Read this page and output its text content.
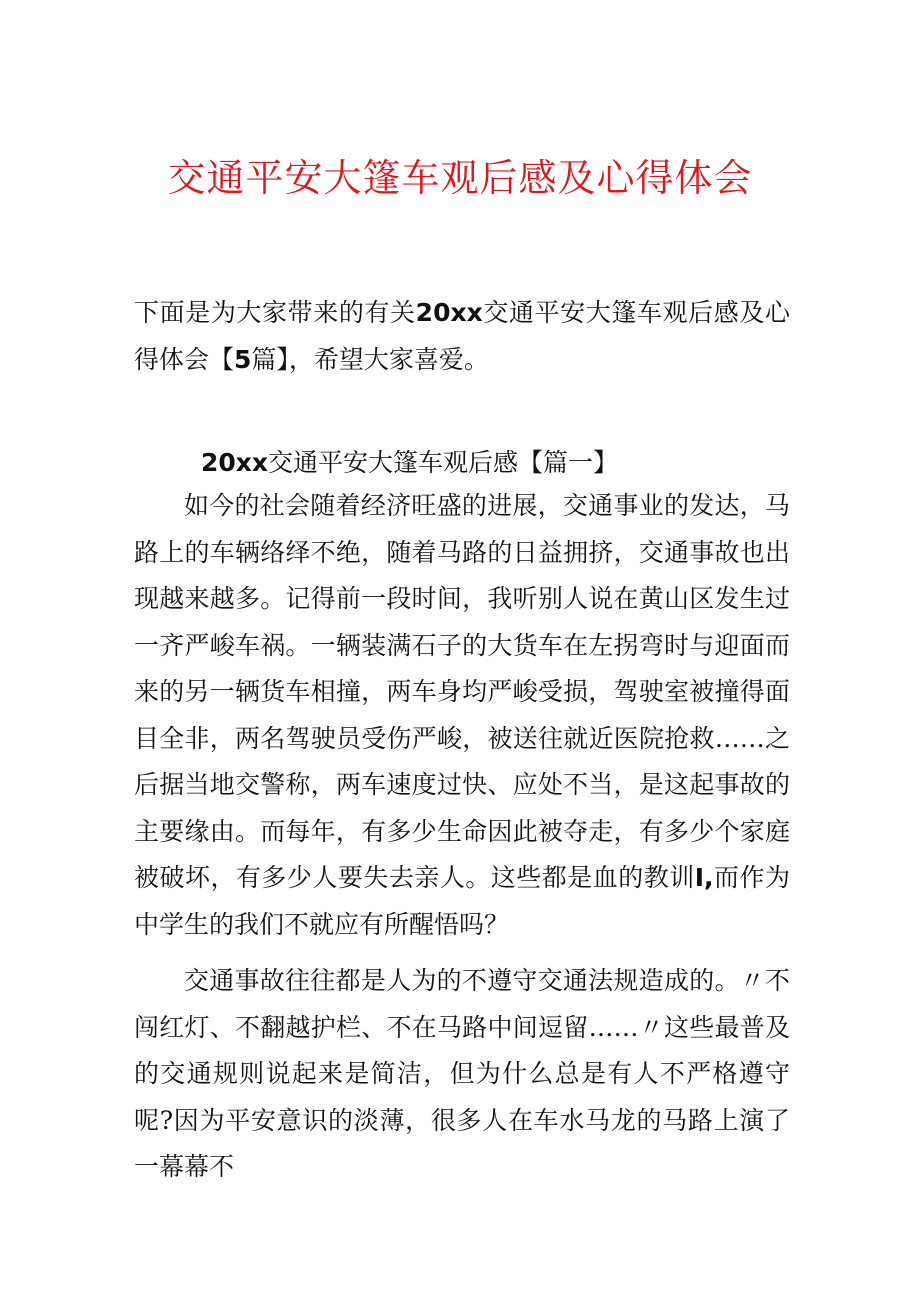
交通平安大篷车观后感及心得体会
下面是为大家带来的有关20xx交通平安大篷车观后感及心得体会【5篇】，希望大家喜爱。
20xx交通平安大篷车观后感【篇一】

如今的社会随着经济旺盛的进展，交通事业的发达，马路上的车辆络绎不绝，随着马路的日益拥挤，交通事故也出现越来越多。记得前一段时间，我听别人说在黄山区发生过一齐严峻车祸。一辆装满石子的大货车在左拐弯时与迎面而来的另一辆货车相撞，两车身均严峻受损，驾驶室被撞得面目全非，两名驾驶员受伤严峻，被送往就近医院抢救……之后据当地交警称，两车速度过快、应处不当，是这起事故的主要缘由。而每年，有多少生命因此被夺走，有多少个家庭被破坏，有多少人要失去亲人。这些都是血的教训I,而作为中学生的我们不就应有所醒悟吗？

交通事故往往都是人为的不遵守交通法规造成的。〃不闯红灯、不翻越护栏、不在马路中间逗留……〃这些最普及的交通规则说起来是简洁，但为什么总是有人不严格遵守呢?因为平安意识的淡薄，很多人在车水马龙的马路上演了一幕幕不
